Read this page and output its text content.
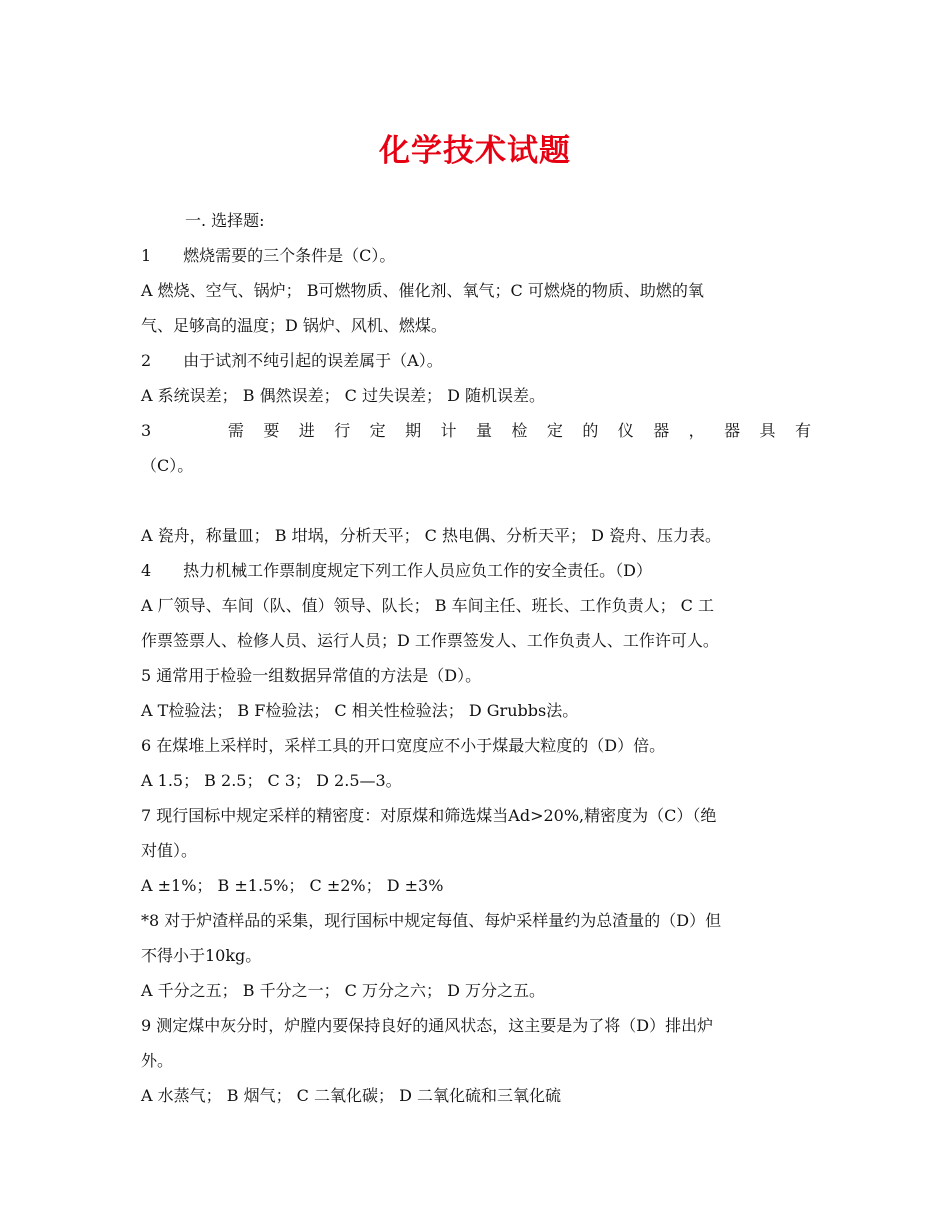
化学技术试题
一. 选择题:
1　　燃烧需要的三个条件是（C）。
A 燃烧、空气、锅炉； B可燃物质、催化剂、氧气；C 可燃烧的物质、助燃的氧
气、足够高的温度；D 锅炉、风机、燃煤。
2　　由于试剂不纯引起的误差属于（A）。
A 系统误差； B 偶然误差； C 过失误差； D 随机误差。
3　　　需 要 进 行 定 期 计 量 检 定 的 仪 器 ， 器 具 有
（C）。
A 瓷舟，称量皿； B 坩埚，分析天平； C 热电偶、分析天平； D 瓷舟、压力表。
4　　热力机械工作票制度规定下列工作人员应负工作的安全责任。（D）
A 厂领导、车间（队、值）领导、队长； B 车间主任、班长、工作负责人； C 工
作票签票人、检修人员、运行人员；D 工作票签发人、工作负责人、工作许可人。
5 通常用于检验一组数据异常值的方法是（D）。
A T检验法； B F检验法； C 相关性检验法； D Grubbs法。
6 在煤堆上采样时，采样工具的开口宽度应不小于煤最大粒度的（D）倍。
A 1.5； B 2.5； C 3； D 2.5—3。
7 现行国标中规定采样的精密度：对原煤和筛选煤当Ad>20%,精密度为（C）（绝
对值）。
A ±1%； B ±1.5%； C ±2%； D ±3%
*8 对于炉渣样品的采集，现行国标中规定每值、每炉采样量约为总渣量的（D）但
不得小于10kg。
A 千分之五； B 千分之一； C 万分之六； D 万分之五。
9 测定煤中灰分时，炉膛内要保持良好的通风状态，这主要是为了将（D）排出炉
外。
A 水蒸气； B 烟气； C 二氧化碳； D 二氧化硫和三氧化硫
